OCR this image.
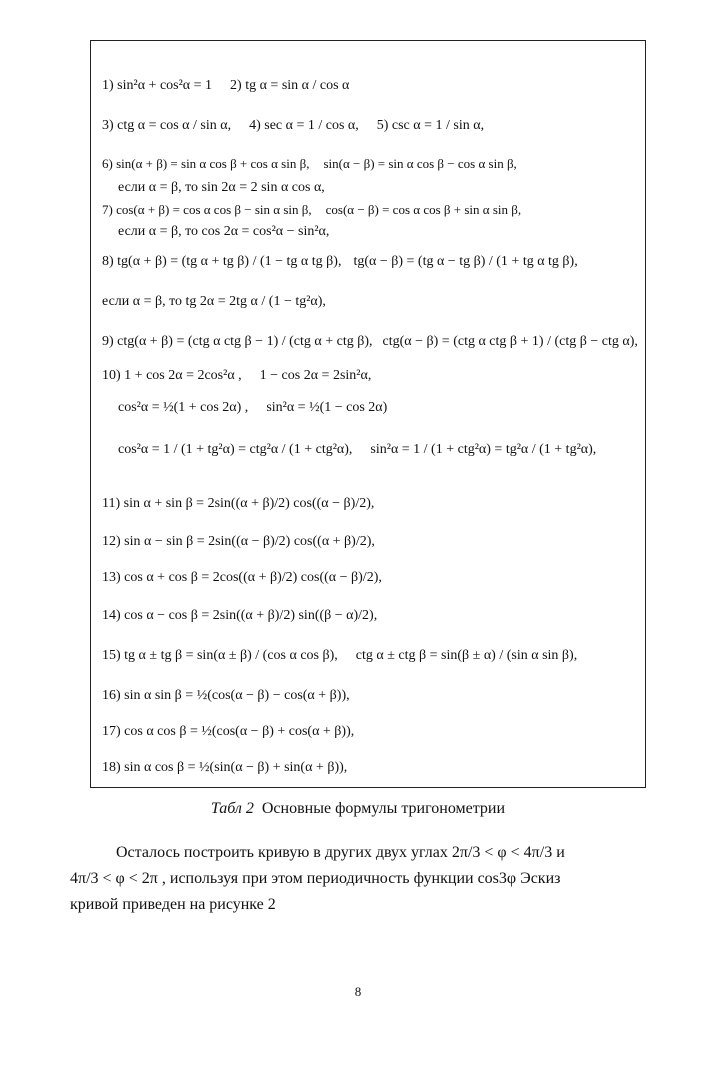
1)
sin²α + cos²α = 1 2) tg α = sin α / cos α
3)
ctg α = cos α / sin α, 4) sec α = 1 / cos α, 5) csc α = 1 / sin α,
6)
sin(α + β) = sin α cos β + cos α sin β, sin(α − β) = sin α cos β − cos α sin β,
если α = β, то sin 2α = 2 sin α cos α,
7)
cos(α + β) = cos α cos β − sin α sin β, cos(α − β) = cos α cos β + sin α sin β,
если α = β, то cos 2α = cos²α − sin²α,
8)
tg(α + β) = (tg α + tg β) / (1 − tg α tg β), tg(α − β) = (tg α − tg β) / (1 + tg α tg β),
если α = β, то tg 2α = 2tg α / (1 − tg²α),
9)
ctg(α + β) = (ctg α ctg β − 1) / (ctg α + ctg β), ctg(α − β) = (ctg α ctg β + 1) / (ctg β − ctg α),
10)
1 + cos 2α = 2cos²α , 1 − cos 2α = 2sin²α,
cos²α = ½(1 + cos 2α) , sin²α = ½(1 − cos 2α)
cos²α = 1 / (1 + tg²α) = ctg²α / (1 + ctg²α), sin²α = 1 / (1 + ctg²α) = tg²α / (1 + tg²α),
11)
sin α + sin β = 2sin((α + β)/2) cos((α − β)/2),
12)
sin α − sin β = 2sin((α − β)/2) cos((α + β)/2),
13)
cos α + cos β = 2cos((α + β)/2) cos((α − β)/2),
14)
cos α − cos β = 2sin((α + β)/2) sin((β − α)/2),
15)
tg α ± tg β = sin(α ± β) / (cos α cos β), ctg α ± ctg β = sin(β ± α) / (sin α sin β),
16)
sin α sin β = ½(cos(α − β) − cos(α + β)),
17)
cos α cos β = ½(cos(α − β) + cos(α + β)),
18)
sin α cos β = ½(sin(α − β) + sin(α + β)),
Табл 2 Основные формулы тригонометрии
Осталось построить кривую в других двух углах 2π/3 < φ < 4π/3 и
4π/3 < φ < 2π , используя при этом периодичность функции cos3φ Эскиз
кривой приведен на рисунке 2
8
